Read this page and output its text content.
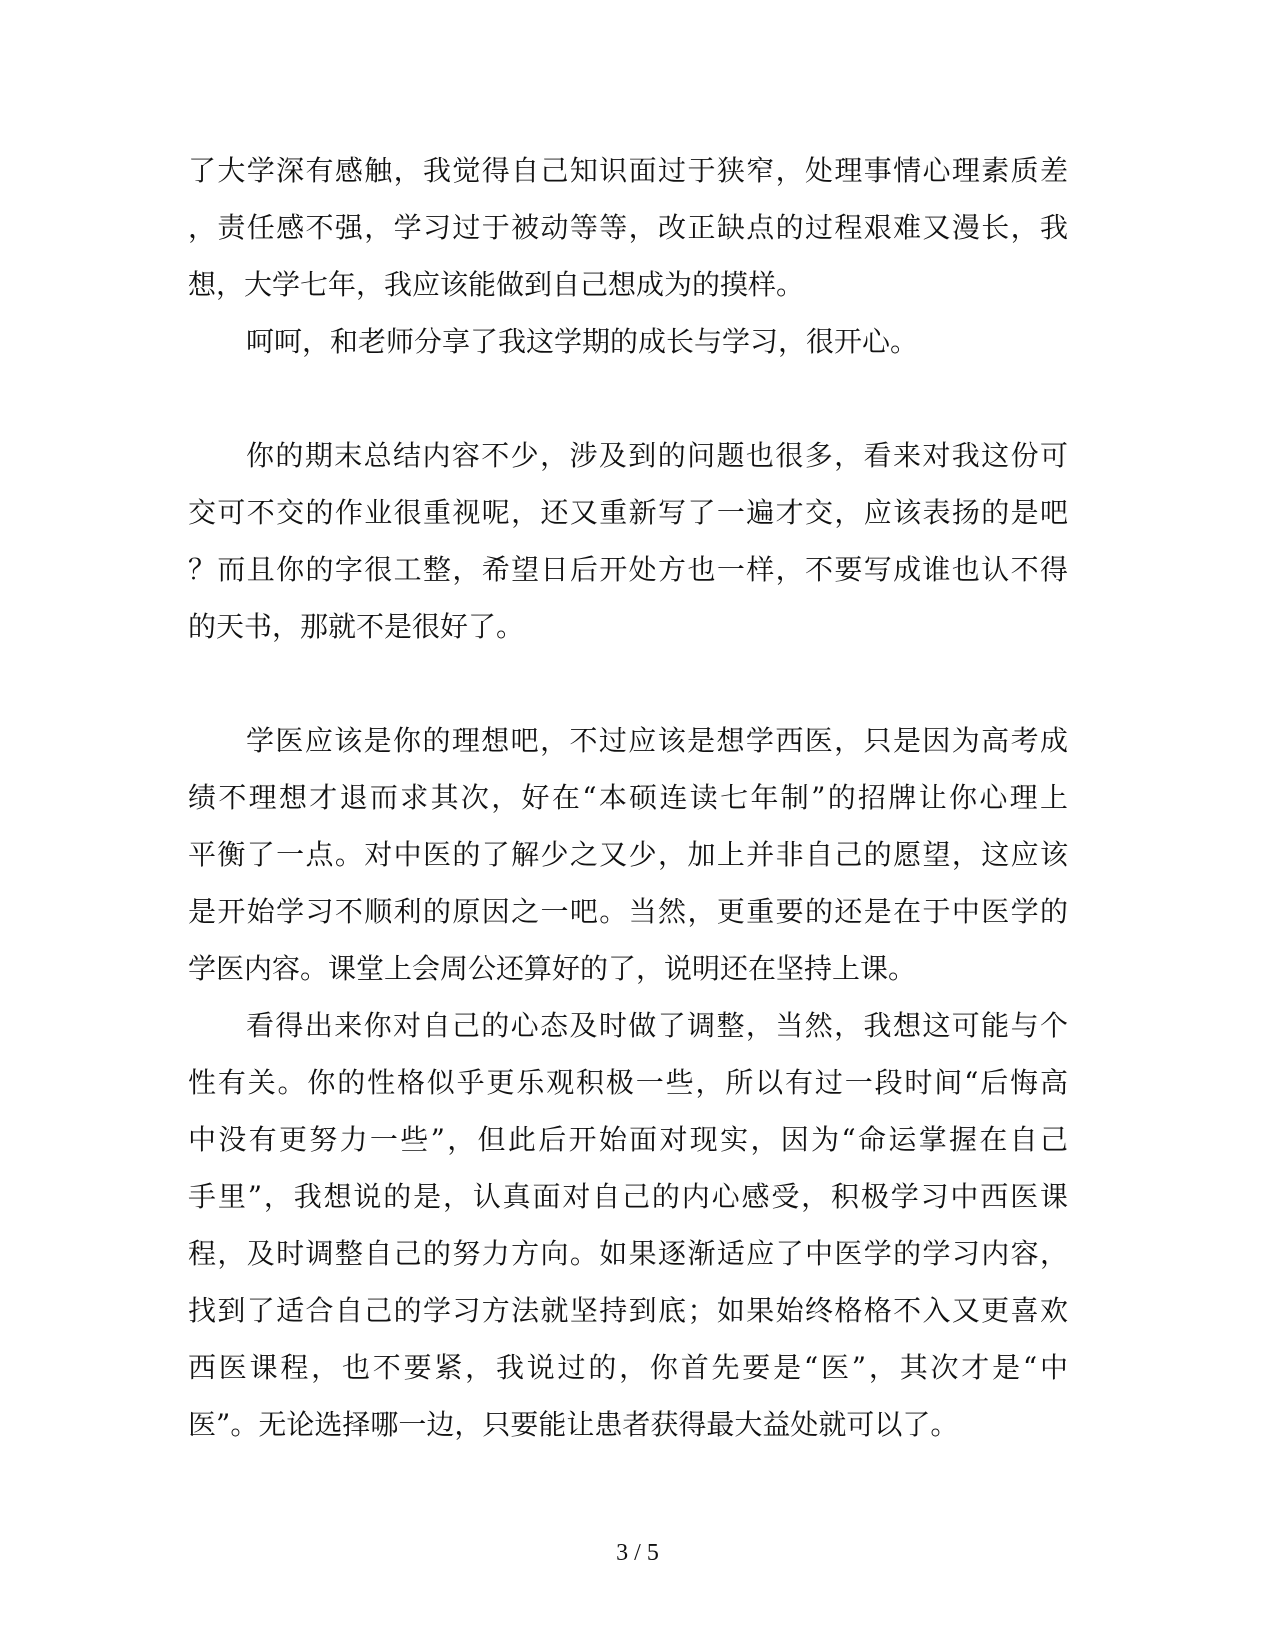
了大学深有感触，我觉得自己知识面过于狭窄，处理事情心理素质差
，责任感不强，学习过于被动等等，改正缺点的过程艰难又漫长，我
想，大学七年，我应该能做到自己想成为的摸样。
呵呵，和老师分享了我这学期的成长与学习，很开心。
你的期末总结内容不少，涉及到的问题也很多，看来对我这份可
交可不交的作业很重视呢，还又重新写了一遍才交，应该表扬的是吧
？而且你的字很工整，希望日后开处方也一样，不要写成谁也认不得
的天书，那就不是很好了。
学医应该是你的理想吧，不过应该是想学西医，只是因为高考成
绩不理想才退而求其次，好在“本硕连读七年制”的招牌让你心理上
平衡了一点。对中医的了解少之又少，加上并非自己的愿望，这应该
是开始学习不顺利的原因之一吧。当然，更重要的还是在于中医学的
学医内容。课堂上会周公还算好的了，说明还在坚持上课。
看得出来你对自己的心态及时做了调整，当然，我想这可能与个
性有关。你的性格似乎更乐观积极一些，所以有过一段时间“后悔高
中没有更努力一些”，但此后开始面对现实，因为“命运掌握在自己
手里”，我想说的是，认真面对自己的内心感受，积极学习中西医课
程，及时调整自己的努力方向。如果逐渐适应了中医学的学习内容，
找到了适合自己的学习方法就坚持到底；如果始终格格不入又更喜欢
西医课程，也不要紧，我说过的，你首先要是“医”，其次才是“中
医”。无论选择哪一边，只要能让患者获得最大益处就可以了。
3 / 5
